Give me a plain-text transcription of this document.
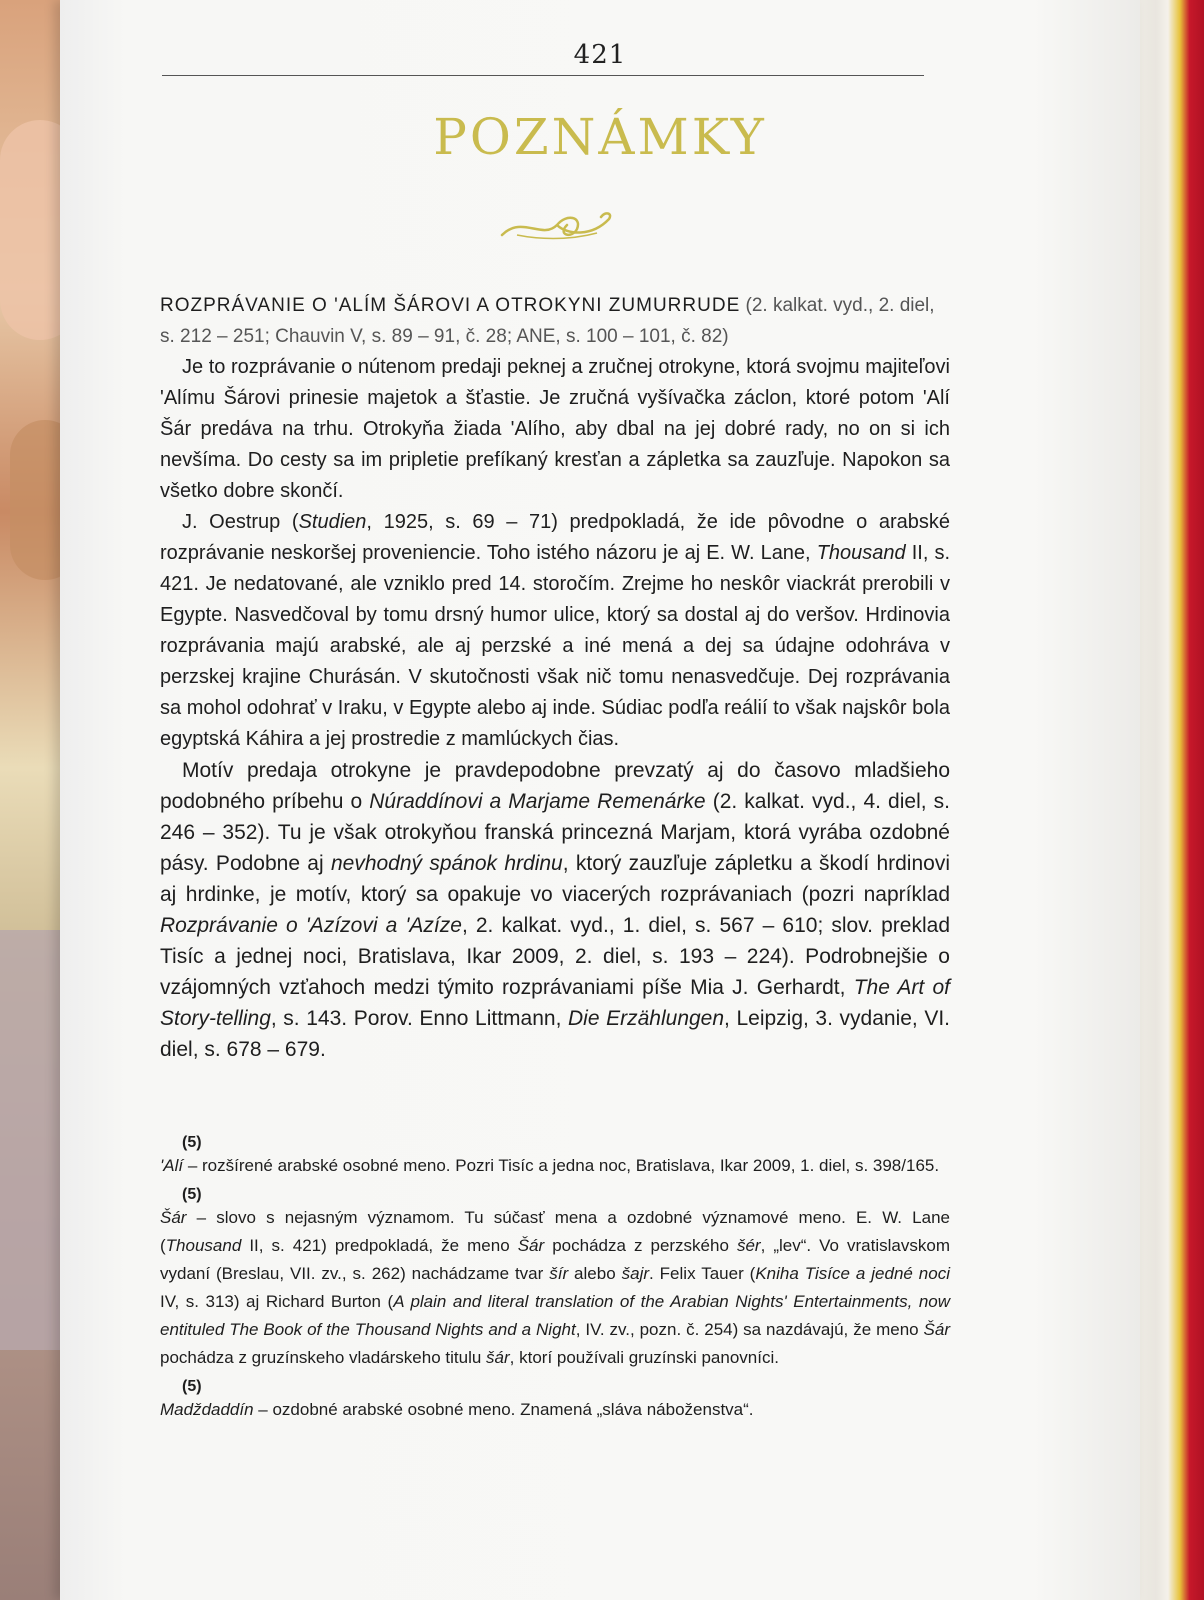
421
POZNÁMKY
ROZPRÁVANIE O 'ALÍM ŠÁROVI A OTROKYNI ZUMURRUDE (2. kalkat. vyd., 2. diel, s. 212 – 251; Chauvin V, s. 89 – 91, č. 28; ANE, s. 100 – 101, č. 82)

Je to rozprávanie o nútenom predaji peknej a zručnej otrokyne, ktorá svojmu majiteľovi 'Alímu Šárovi prinesie majetok a šťastie. Je zručná vyšívačka záclon, ktoré potom 'Alí Šár predáva na trhu. Otrokyňa žiada 'Alího, aby dbal na jej dobré rady, no on si ich nevšíma. Do cesty sa im pripletie prefíkaný kresťan a zápletka sa zauzľuje. Napokon sa všetko dobre skončí.

J. Oestrup (Studien, 1925, s. 69 – 71) predpokladá, že ide pôvodne o arabské rozprávanie neskoršej proveniencie. Toho istého názoru je aj E. W. Lane, Thousand II, s. 421. Je nedatované, ale vzniklo pred 14. storočím. Zrejme ho neskôr viackrát prerobili v Egypte. Nasvedčoval by tomu drsný humor ulice, ktorý sa dostal aj do veršov. Hrdinovia rozprávania majú arabské, ale aj perzské a iné mená a dej sa údajne odohráva v perzskej krajine Churásán. V skutočnosti však nič tomu nenasvedčuje. Dej rozprávania sa mohol odohrať v Iraku, v Egypte alebo aj inde. Súdiac podľa reálií to však najskôr bola egyptská Káhira a jej prostredie z mamlúckych čias.

Motív predaja otrokyne je pravdepodobne prevzatý aj do časovo mladšieho podobného príbehu o Núraddínovi a Marjame Remenárke (2. kalkat. vyd., 4. diel, s. 246 – 352). Tu je však otrokyňou franská princezná Marjam, ktorá vyrába ozdobné pásy. Podobne aj nevhodný spánok hrdinu, ktorý zauzľuje zápletku a škodí hrdinovi aj hrdinke, je motív, ktorý sa opakuje vo viacerých rozprávaniach (pozri napríklad Rozprávanie o 'Azízovi a 'Azíze, 2. kalkat. vyd., 1. diel, s. 567 – 610; slov. preklad Tisíc a jednej noci, Bratislava, Ikar 2009, 2. diel, s. 193 – 224). Podrobnejšie o vzájomných vzťahoch medzi týmito rozprávaniami píše Mia J. Gerhardt, The Art of Story-telling, s. 143. Porov. Enno Littmann, Die Erzählungen, Leipzig, 3. vydanie, VI. diel, s. 678 – 679.

(5)
'Alí – rozšírené arabské osobné meno. Pozri Tisíc a jedna noc, Bratislava, Ikar 2009, 1. diel, s. 398/165.
(5)
Šár – slovo s nejasným významom. Tu súčasť mena a ozdobné významové meno. E. W. Lane (Thousand II, s. 421) predpokladá, že meno Šár pochádza z perzského šér, „lev“. Vo vratislavskom vydaní (Breslau, VII. zv., s. 262) nachádzame tvar šír alebo šajr. Felix Tauer (Kniha Tisíce a jedné noci IV, s. 313) aj Richard Burton (A plain and literal translation of the Arabian Nights' Entertainments, now entituled The Book of the Thousand Nights and a Night, IV. zv., pozn. č. 254) sa nazdávajú, že meno Šár pochádza z gruzínskeho vladárskeho titulu šár, ktorí používali gruzínski panovníci.
(5)
Madždaddín – ozdobné arabské osobné meno. Znamená „sláva náboženstva“.
